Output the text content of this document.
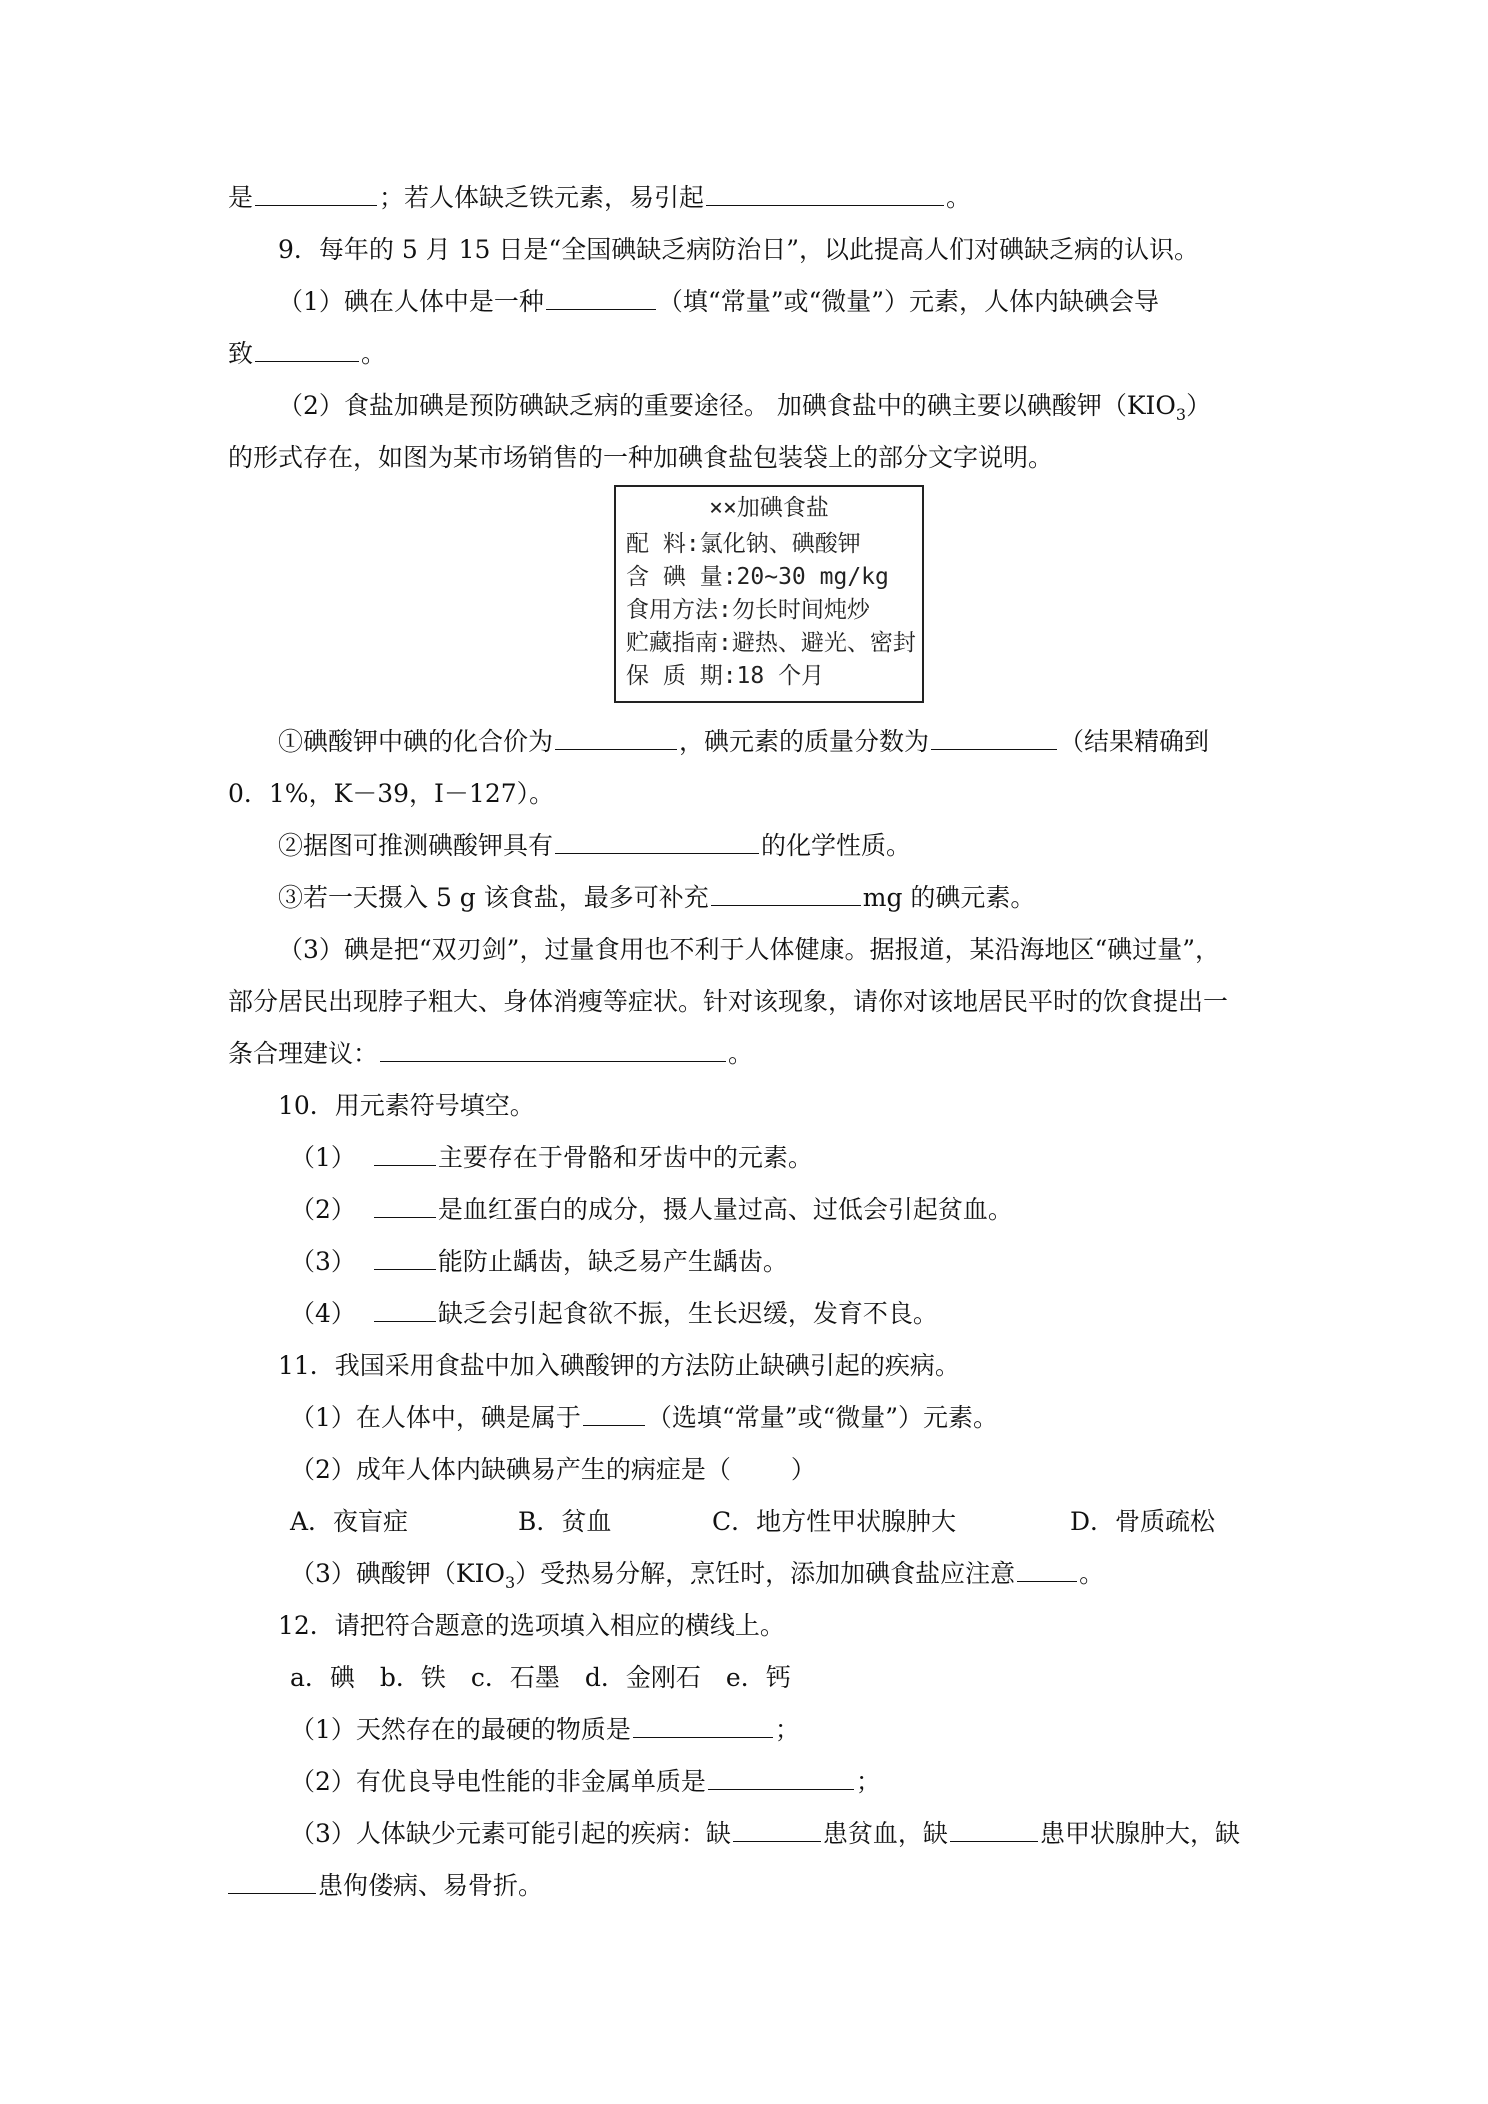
是	；若人体缺乏铁元素，易引起	。
9．每年的 5 月 15 日是“全国碘缺乏病防治日”，以此提高人们对碘缺乏病的认识。
（1）碘在人体中是一种	（填“常量”或“微量”）元素，人体内缺碘会导
致	。
（2）食盐加碘是预防碘缺乏病的重要途径。 加碘食盐中的碘主要以碘酸钾$(KIO_3)$
的形式存在，如图为某市场销售的一种加碘食盐包装袋上的部分文字说明。
××加碘食盐
配 料:氯化钠、碘酸钾
含 碘 量:20~30 mg/kg
食用方法:勿长时间炖炒
贮藏指南:避热、避光、密封
保 质 期:18 个月
①碘酸钾中碘的化合价为	，碘元素的质量分数为	（结果精确到
0．1%，K－39，I－127）。
②据图可推测碘酸钾具有	的化学性质。
③若一天摄入 5 g 该食盐，最多可补充	mg 的碘元素。
（3）碘是把“双刃剑”，过量食用也不利于人体健康。据报道，某沿海地区“碘过量”，
部分居民出现脖子粗大、身体消瘦等症状。针对该现象，请你对该地居民平时的饮食提出一
条合理建议：	。
10．用元素符号填空。
（1）	主要存在于骨骼和牙齿中的元素。
（2）	是血红蛋白的成分，摄人量过高、过低会引起贫血。
（3）	能防止龋齿，缺乏易产生龋齿。
（4）	缺乏会引起食欲不振，生长迟缓，发育不良。
11．我国采用食盐中加入碘酸钾的方法防止缺碘引起的疾病。
（1）在人体中，碘是属于	（选填“常量”或“微量”）元素。
（2）成年人体内缺碘易产生的病症是（ ）
A．夜盲症	B．贫血	C．地方性甲状腺肿大	D．骨质疏松
（3）碘酸钾$(KIO_3)$受热易分解，烹饪时，添加加碘食盐应注意	。
12．请把符合题意的选项填入相应的横线上。
a．碘　b．铁　c．石墨　d．金刚石　e．钙
（1）天然存在的最硬的物质是	；
（2）有优良导电性能的非金属单质是	；
（3）人体缺少元素可能引起的疾病：缺	患贫血，缺	患甲状腺肿大，缺
患佝偻病、易骨折。
